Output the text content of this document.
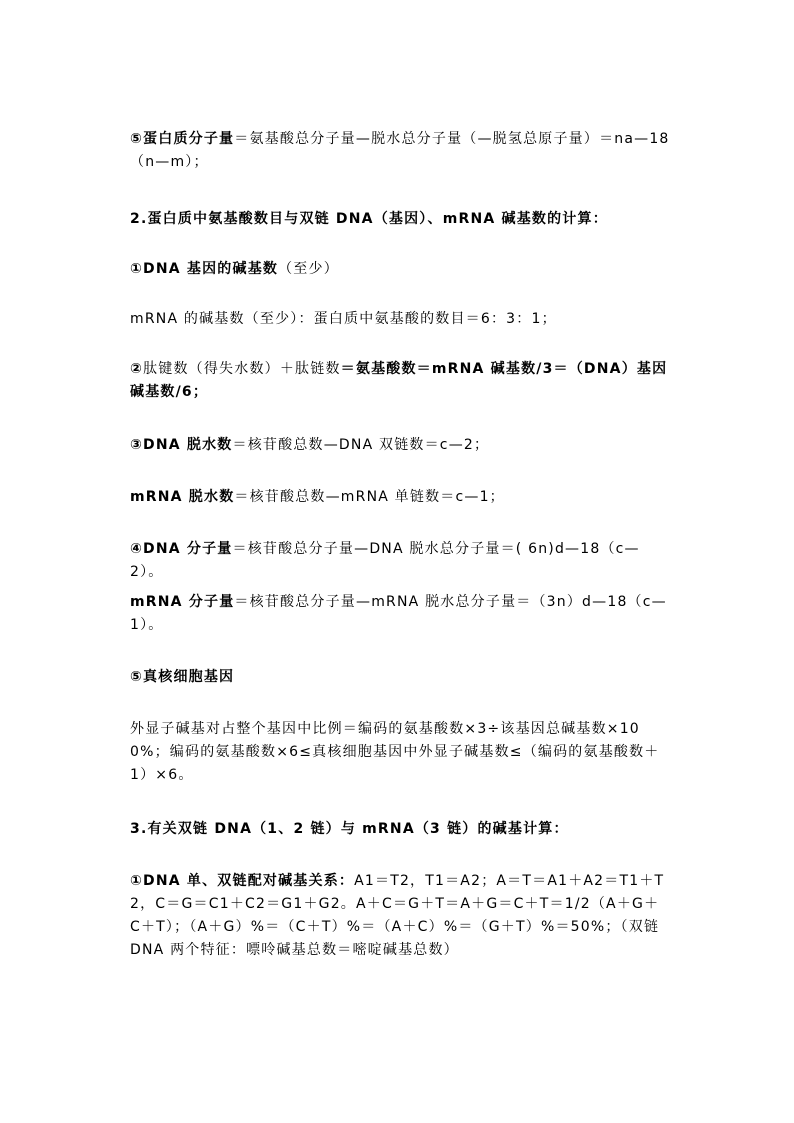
⑤蛋白质分子量＝氨基酸总分子量—脱水总分子量（—脱氢总原子量）＝na—18（n—m）；

2.蛋白质中氨基酸数目与双链 DNA（基因）、mRNA 碱基数的计算：

①DNA 基因的碱基数（至少）

mRNA 的碱基数（至少）：蛋白质中氨基酸的数目＝6：3：1；

②肽键数（得失水数）＋肽链数＝氨基酸数＝mRNA 碱基数/3＝（DNA）基因碱基数/6；

③DNA 脱水数＝核苷酸总数—DNA 双链数＝c—2；

mRNA 脱水数＝核苷酸总数—mRNA 单链数＝c—1；

④DNA 分子量＝核苷酸总分子量—DNA 脱水总分子量＝( 6n)d—18（c—2）。

mRNA 分子量＝核苷酸总分子量—mRNA 脱水总分子量＝（3n）d—18（c—1）。

⑤真核细胞基因

外显子碱基对占整个基因中比例＝编码的氨基酸数×3÷该基因总碱基数×100%；编码的氨基酸数×6≤真核细胞基因中外显子碱基数≤（编码的氨基酸数＋1）×6。

3.有关双链 DNA（1、2 链）与 mRNA（3 链）的碱基计算：

①DNA 单、双链配对碱基关系：A1＝T2，T1＝A2；A＝T＝A1＋A2＝T1＋T2，C＝G＝C1＋C2＝G1＋G2。A＋C＝G＋T＝A＋G＝C＋T＝1/2（A＋G＋C＋T）；（A＋G）%＝（C＋T）%＝（A＋C）%＝（G＋T）%＝50%；（双链 DNA 两个特征：嘌呤碱基总数＝嘧啶碱基总数）
